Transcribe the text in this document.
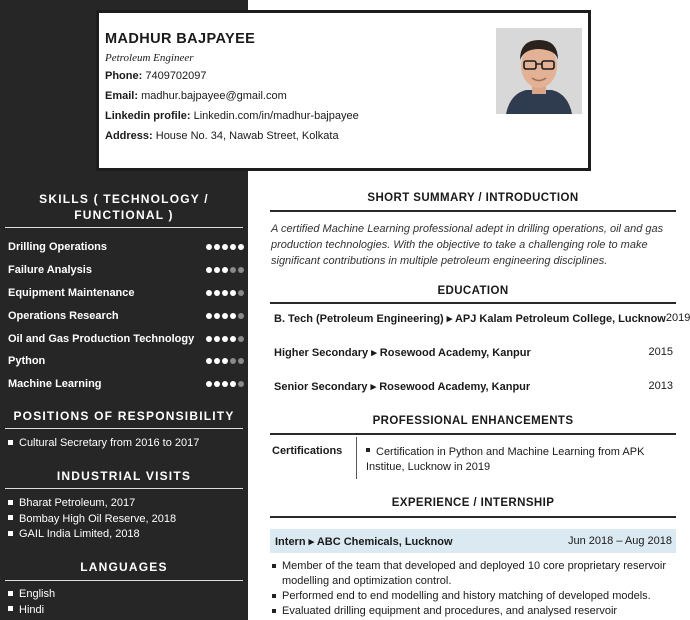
SKILLS ( TECHNOLOGY /
FUNCTIONAL )
Drilling Operations
Failure Analysis
Equipment Maintenance
Operations Research
Oil and Gas Production Technology
Python
Machine Learning
POSITIONS OF RESPONSIBILITY
Cultural Secretary from 2016 to 2017
INDUSTRIAL VISITS
Bharat Petroleum, 2017
Bombay High Oil Reserve, 2018
GAIL India Limited, 2018
LANGUAGES
English
Hindi
MADHUR BAJPAYEE
Petroleum Engineer
Phone: 7409702097
Email: madhur.bajpayee@gmail.com
Linkedin profile: Linkedin.com/in/madhur-bajpayee
Address: House No. 34, Nawab Street, Kolkata
SHORT SUMMARY / INTRODUCTION
A certified Machine Learning professional adept in drilling operations, oil and gas production technologies. With the objective to take a challenging role to make significant contributions in multiple petroleum engineering disciplines.
EDUCATION
B. Tech (Petroleum Engineering) ▸ APJ Kalam Petroleum College, Lucknow 2019
Higher Secondary ▸ Rosewood Academy, Kanpur	2015
Senior Secondary ▸ Rosewood Academy, Kanpur	2013
PROFESSIONAL ENHANCEMENTS
Certifications	Certification in Python and Machine Learning from APK Institue, Lucknow in 2019
EXPERIENCE / INTERNSHIP
Intern ▸ ABC Chemicals, Lucknow	Jun 2018 – Aug 2018
Member of the team that developed and deployed 10 core proprietary reservoir modelling and optimization control.
Performed end to end modelling and history matching of developed models.
Evaluated drilling equipment and procedures, and analysed reservoir
